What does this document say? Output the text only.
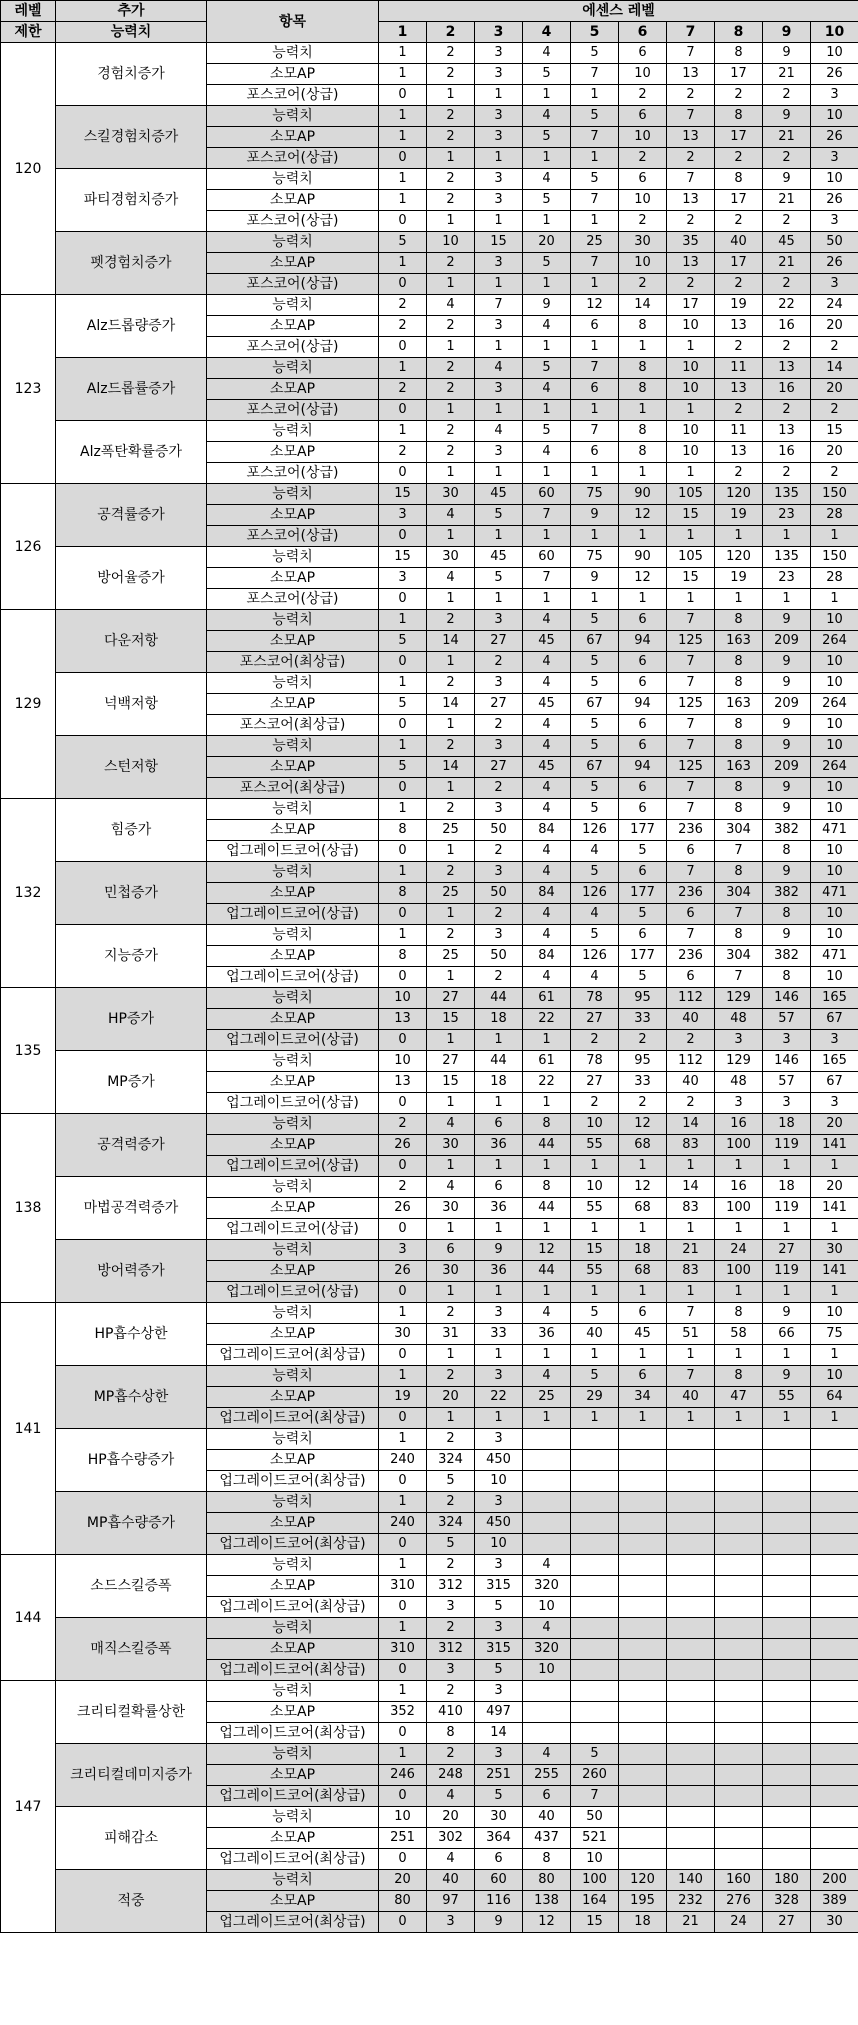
레벨	추가	항목	에센스 레벨									
제한	능력치		1	2	3	4	5	6	7	8	9	10
120	경험치증가	능력치	1	2	3	4	5	6	7	8	9	10
		소모AP	1	2	3	5	7	10	13	17	21	26
		포스코어(상급)	0	1	1	1	1	2	2	2	2	3
	스킬경험치증가	능력치	1	2	3	4	5	6	7	8	9	10
		소모AP	1	2	3	5	7	10	13	17	21	26
		포스코어(상급)	0	1	1	1	1	2	2	2	2	3
	파티경험치증가	능력치	1	2	3	4	5	6	7	8	9	10
		소모AP	1	2	3	5	7	10	13	17	21	26
		포스코어(상급)	0	1	1	1	1	2	2	2	2	3
	펫경험치증가	능력치	5	10	15	20	25	30	35	40	45	50
		소모AP	1	2	3	5	7	10	13	17	21	26
		포스코어(상급)	0	1	1	1	1	2	2	2	2	3
123	Alz드롭량증가	능력치	2	4	7	9	12	14	17	19	22	24
		소모AP	2	2	3	4	6	8	10	13	16	20
		포스코어(상급)	0	1	1	1	1	1	1	2	2	2
	Alz드롭률증가	능력치	1	2	4	5	7	8	10	11	13	14
		소모AP	2	2	3	4	6	8	10	13	16	20
		포스코어(상급)	0	1	1	1	1	1	1	2	2	2
	Alz폭탄확률증가	능력치	1	2	4	5	7	8	10	11	13	15
		소모AP	2	2	3	4	6	8	10	13	16	20
		포스코어(상급)	0	1	1	1	1	1	1	2	2	2
126	공격률증가	능력치	15	30	45	60	75	90	105	120	135	150
		소모AP	3	4	5	7	9	12	15	19	23	28
		포스코어(상급)	0	1	1	1	1	1	1	1	1	1
	방어율증가	능력치	15	30	45	60	75	90	105	120	135	150
		소모AP	3	4	5	7	9	12	15	19	23	28
		포스코어(상급)	0	1	1	1	1	1	1	1	1	1
129	다운저항	능력치	1	2	3	4	5	6	7	8	9	10
		소모AP	5	14	27	45	67	94	125	163	209	264
		포스코어(최상급)	0	1	2	4	5	6	7	8	9	10
	넉백저항	능력치	1	2	3	4	5	6	7	8	9	10
		소모AP	5	14	27	45	67	94	125	163	209	264
		포스코어(최상급)	0	1	2	4	5	6	7	8	9	10
	스턴저항	능력치	1	2	3	4	5	6	7	8	9	10
		소모AP	5	14	27	45	67	94	125	163	209	264
		포스코어(최상급)	0	1	2	4	5	6	7	8	9	10
132	힘증가	능력치	1	2	3	4	5	6	7	8	9	10
		소모AP	8	25	50	84	126	177	236	304	382	471
		업그레이드코어(상급)	0	1	2	4	4	5	6	7	8	10
	민첩증가	능력치	1	2	3	4	5	6	7	8	9	10
		소모AP	8	25	50	84	126	177	236	304	382	471
		업그레이드코어(상급)	0	1	2	4	4	5	6	7	8	10
	지능증가	능력치	1	2	3	4	5	6	7	8	9	10
		소모AP	8	25	50	84	126	177	236	304	382	471
		업그레이드코어(상급)	0	1	2	4	4	5	6	7	8	10
135	HP증가	능력치	10	27	44	61	78	95	112	129	146	165
		소모AP	13	15	18	22	27	33	40	48	57	67
		업그레이드코어(상급)	0	1	1	1	2	2	2	3	3	3
	MP증가	능력치	10	27	44	61	78	95	112	129	146	165
		소모AP	13	15	18	22	27	33	40	48	57	67
		업그레이드코어(상급)	0	1	1	1	2	2	2	3	3	3
138	공격력증가	능력치	2	4	6	8	10	12	14	16	18	20
		소모AP	26	30	36	44	55	68	83	100	119	141
		업그레이드코어(상급)	0	1	1	1	1	1	1	1	1	1
	마법공격력증가	능력치	2	4	6	8	10	12	14	16	18	20
		소모AP	26	30	36	44	55	68	83	100	119	141
		업그레이드코어(상급)	0	1	1	1	1	1	1	1	1	1
	방어력증가	능력치	3	6	9	12	15	18	21	24	27	30
		소모AP	26	30	36	44	55	68	83	100	119	141
		업그레이드코어(상급)	0	1	1	1	1	1	1	1	1	1
141	HP흡수상한	능력치	1	2	3	4	5	6	7	8	9	10
		소모AP	30	31	33	36	40	45	51	58	66	75
		업그레이드코어(최상급)	0	1	1	1	1	1	1	1	1	1
	MP흡수상한	능력치	1	2	3	4	5	6	7	8	9	10
		소모AP	19	20	22	25	29	34	40	47	55	64
		업그레이드코어(최상급)	0	1	1	1	1	1	1	1	1	1
	HP흡수량증가	능력치	1	2	3							
		소모AP	240	324	450							
		업그레이드코어(최상급)	0	5	10							
	MP흡수량증가	능력치	1	2	3							
		소모AP	240	324	450							
		업그레이드코어(최상급)	0	5	10							
144	소드스킬증폭	능력치	1	2	3	4						
		소모AP	310	312	315	320						
		업그레이드코어(최상급)	0	3	5	10						
	매직스킬증폭	능력치	1	2	3	4						
		소모AP	310	312	315	320						
		업그레이드코어(최상급)	0	3	5	10						
147	크리티컬확률상한	능력치	1	2	3							
		소모AP	352	410	497							
		업그레이드코어(최상급)	0	8	14							
	크리티컬데미지증가	능력치	1	2	3	4	5					
		소모AP	246	248	251	255	260					
		업그레이드코어(최상급)	0	4	5	6	7					
	피해감소	능력치	10	20	30	40	50					
		소모AP	251	302	364	437	521					
		업그레이드코어(최상급)	0	4	6	8	10					
	적중	능력치	20	40	60	80	100	120	140	160	180	200
		소모AP	80	97	116	138	164	195	232	276	328	389
		업그레이드코어(최상급)	0	3	9	12	15	18	21	24	27	30
